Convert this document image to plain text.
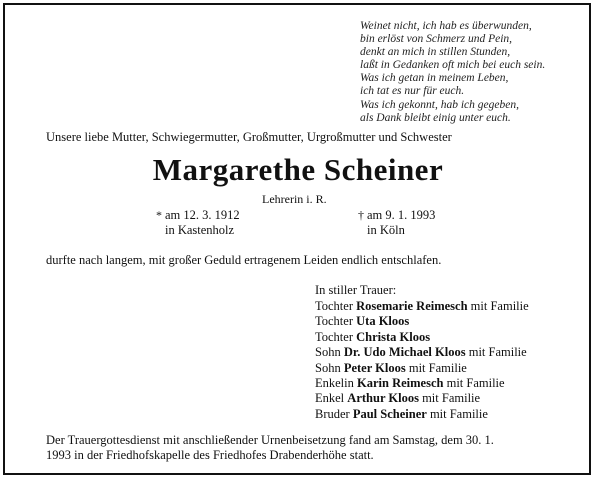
Weinet nicht, ich hab es überwunden,
bin erlöst von Schmerz und Pein,
denkt an mich in stillen Stunden,
laßt in Gedanken oft mich bei euch sein.
Was ich getan in meinem Leben,
ich tat es nur für euch.
Was ich gekonnt, hab ich gegeben,
als Dank bleibt einig unter euch.
Unsere liebe Mutter, Schwiegermutter, Großmutter, Urgroßmutter und Schwester
Margarethe Scheiner
Lehrerin i. R.
* am 12. 3. 1912
in Kastenholz
† am 9. 1. 1993
in Köln
durfte nach langem, mit großer Geduld ertragenem Leiden endlich entschlafen.
In stiller Trauer:
Tochter Rosemarie Reimesch mit Familie
Tochter Uta Kloos
Tochter Christa Kloos
Sohn Dr. Udo Michael Kloos mit Familie
Sohn Peter Kloos mit Familie
Enkelin Karin Reimesch mit Familie
Enkel Arthur Kloos mit Familie
Bruder Paul Scheiner mit Familie
Der Trauergottesdienst mit anschließender Urnenbeisetzung fand am Samstag, dem 30. 1.
1993 in der Friedhofskapelle des Friedhofes Drabenderhöhe statt.
